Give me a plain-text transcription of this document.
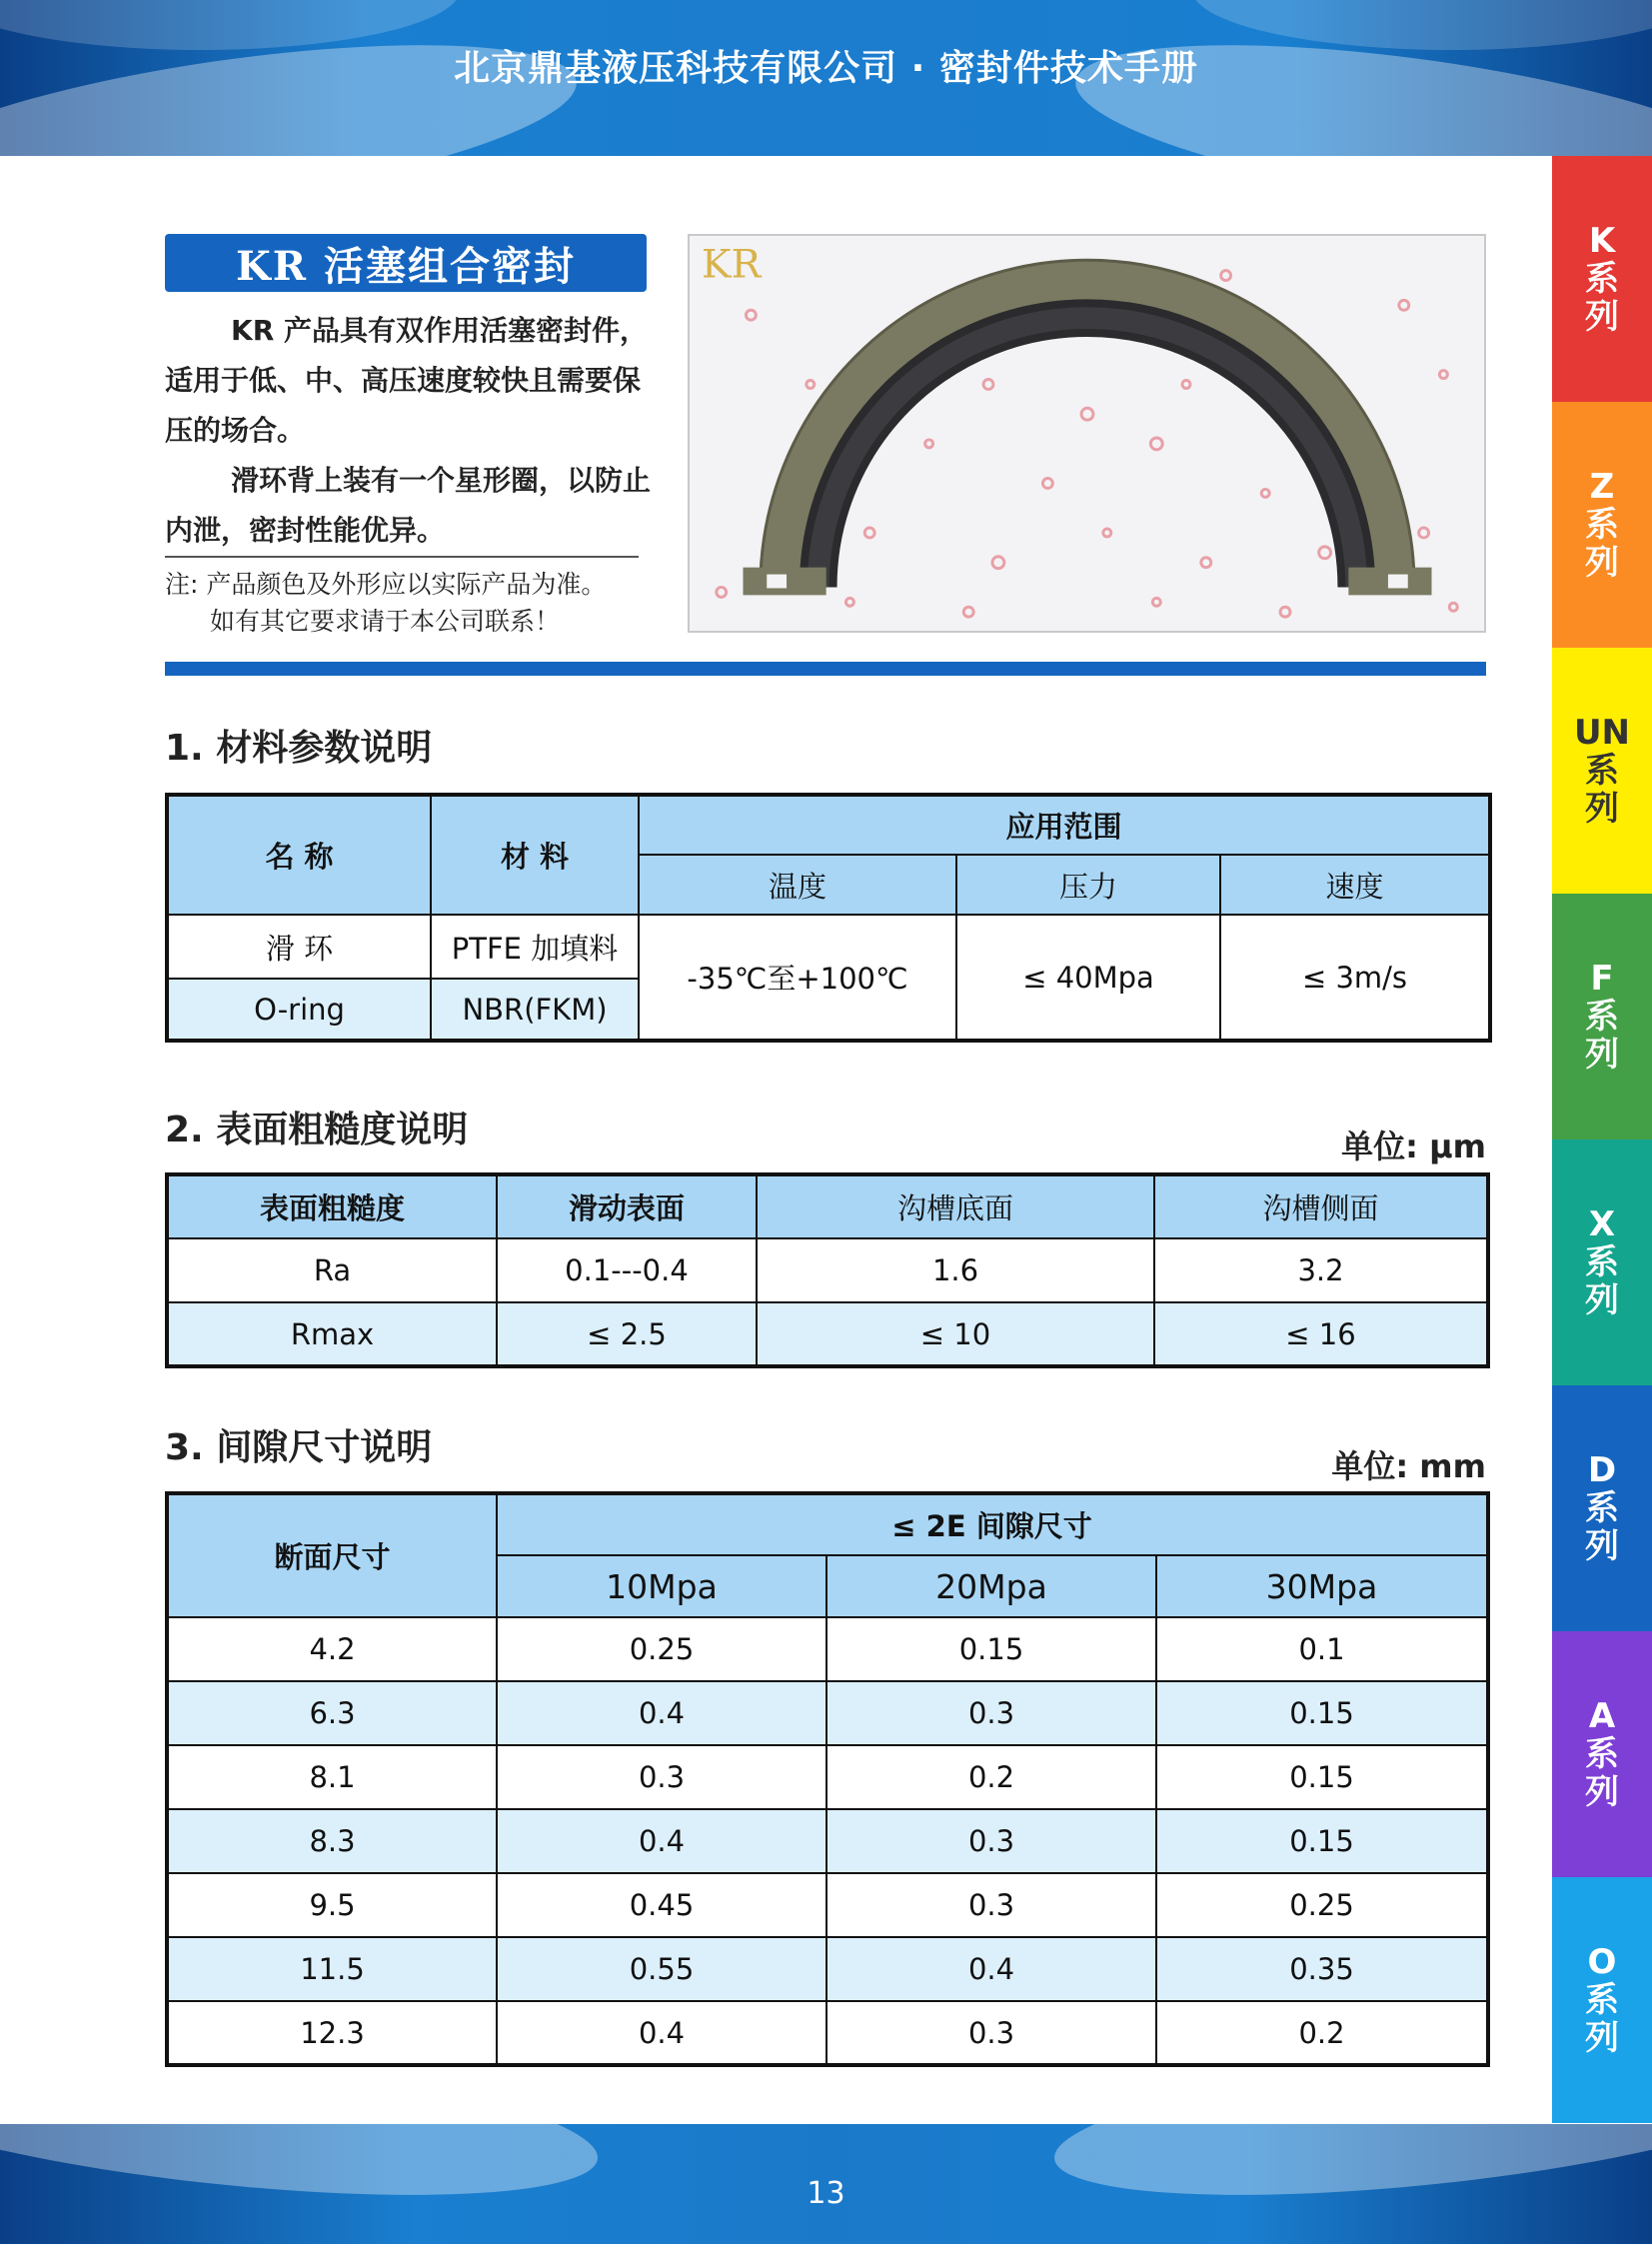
北京鼎基液压科技有限公司 · 密封件技术手册
K
系
列
Z
系
列
UN
系
列
F
系
列
X
系
列
D
系
列
A
系
列
O
系
列
KR 活塞组合密封

KR 产品具有双作用活塞密封件，

适用于低、中、高压速度较快且需要保

压的场合。

滑环背上装有一个星形圈，以防止

内泄，密封性能优异。

注: 产品颜色及外形应以实际产品为准。
如有其它要求请于本公司联系！
KR
1. 材料参数说明
名 称	材 料	应用范围		
		温度	压力	速度
滑 环	PTFE 加填料	-35℃至+100℃	≤ 40Mpa	≤ 3m/s
O-ring	NBR(FKM)			
2. 表面粗糙度说明	单位: μm
表面粗糙度	滑动表面	沟槽底面	沟槽侧面
Ra	0.1---0.4	1.6	3.2
Rmax	≤ 2.5	≤ 10	≤ 16
3. 间隙尺寸说明	单位: mm
断面尺寸	≤ 2E 间隙尺寸		
	10Mpa	20Mpa	30Mpa
4.2	0.25	0.15	0.1
6.3	0.4	0.3	0.15
8.1	0.3	0.2	0.15
8.3	0.4	0.3	0.15
9.5	0.45	0.3	0.25
11.5	0.55	0.4	0.35
12.3	0.4	0.3	0.2
13
